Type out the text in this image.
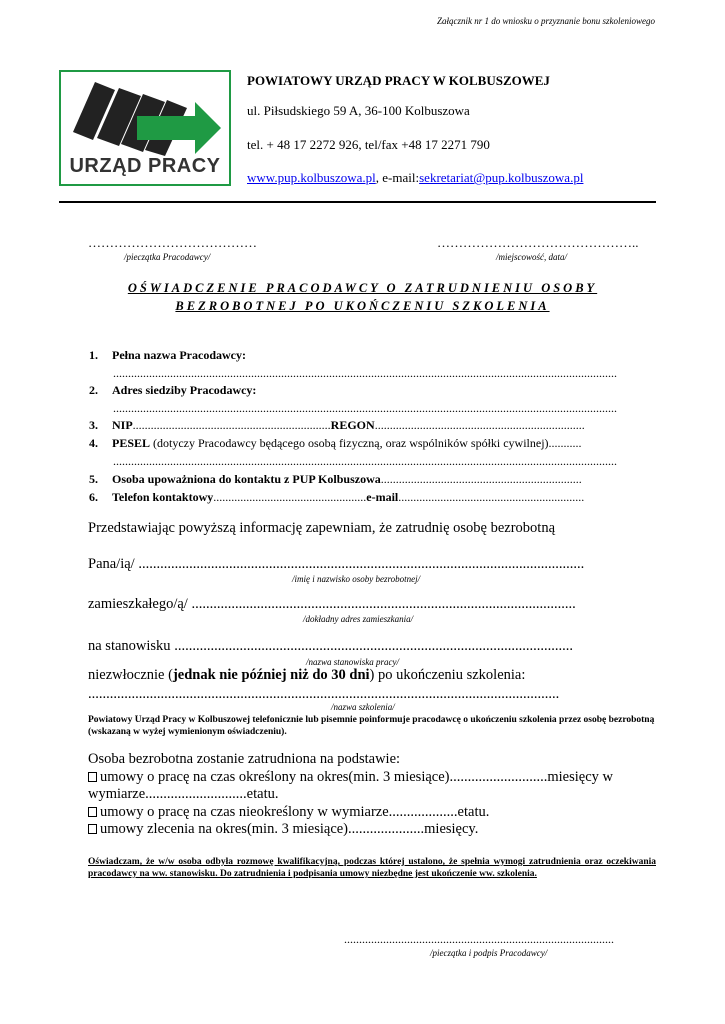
Załącznik nr 1 do wniosku o przyznanie bonu szkoleniowego
URZĄD PRACY
POWIATOWY URZĄD PRACY W KOLBUSZOWEJ
ul. Piłsudskiego 59 A, 36-100 Kolbuszowa
tel. + 48 17 2272 926, tel/fax +48 17 2271 790
www.pup.kolbuszowa.pl, e-mail:sekretariat@pup.kolbuszowa.pl
…………………………………
/pieczątka Pracodawcy/
………………………………………..
/miejscowość, data/
OŚWIADCZENIE PRACODAWCY O ZATRUDNIENIU OSOBY
BEZROBOTNEJ PO UKOŃCZENIU SZKOLENIA
1. Pełna nazwa Pracodawcy:
........................................................................................................................................................................
2. Adres siedziby Pracodawcy:
........................................................................................................................................................................
3. NIP..................................................................REGON......................................................................
4. PESEL (dotyczy Pracodawcy będącego osobą fizyczną, oraz wspólników spółki cywilnej)...........
........................................................................................................................................................................
5. Osoba upoważniona do kontaktu z PUP Kolbuszowa...................................................................
6. Telefon kontaktowy...................................................e-mail..............................................................
Przedstawiając powyższą informację zapewniam, że zatrudnię osobę bezrobotną
Pana/ią/ ...........................................................................................................................
/imię i nazwisko osoby bezrobotnej/
zamieszkałego/ą/ ..........................................................................................................
/dokładny adres zamieszkania/
na stanowisku ..............................................................................................................
/nazwa stanowiska pracy/
niezwłocznie (jednak nie później niż do 30 dni) po ukończeniu szkolenia:
..................................................................................................................................
/nazwa szkolenia/
Powiatowy Urząd Pracy w Kolbuszowej telefonicznie lub pisemnie poinformuje pracodawcę o ukończeniu szkolenia przez osobę bezrobotną (wskazaną w wyżej wymienionym oświadczeniu).
Osoba bezrobotna zostanie zatrudniona na podstawie:
umowy o pracę na czas określony na okres(min. 3 miesiące)...........................miesięcy w
wymiarze............................etatu.
umowy o pracę na czas nieokreślony w wymiarze...................etatu.
umowy zlecenia na okres(min. 3 miesiące).....................miesięcy.
Oświadczam, że w/w osoba odbyła rozmowę kwalifikacyjną, podczas której ustalono, że spełnia wymogi zatrudnienia oraz oczekiwania pracodawcy na ww. stanowisku. Do zatrudnienia i podpisania umowy niezbędne jest ukończenie ww. szkolenia.
..........................................................................................
/pieczątka i podpis Pracodawcy/
